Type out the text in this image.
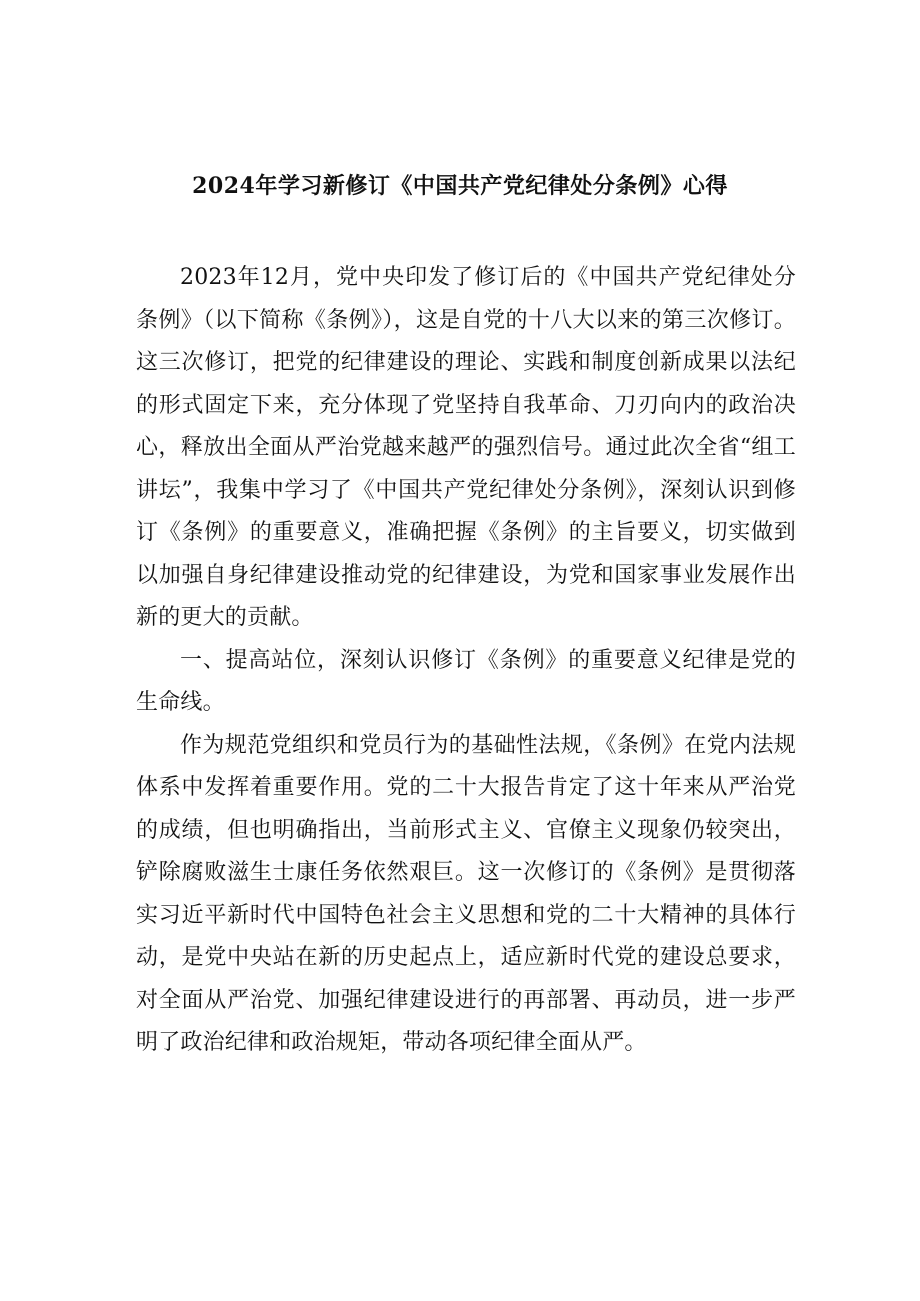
2024年学习新修订《中国共产党纪律处分条例》心得

2023年12月，党中央印发了修订后的《中国共产党纪律处分条例》（以下简称《条例》），这是自党的十八大以来的第三次修订。这三次修订，把党的纪律建设的理论、实践和制度创新成果以法纪的形式固定下来，充分体现了党坚持自我革命、刀刃向内的政治决心，释放出全面从严治党越来越严的强烈信号。通过此次全省“组工讲坛”，我集中学习了《中国共产党纪律处分条例》，深刻认识到修订《条例》的重要意义，准确把握《条例》的主旨要义，切实做到以加强自身纪律建设推动党的纪律建设，为党和国家事业发展作出新的更大的贡献。

一、提高站位，深刻认识修订《条例》的重要意义纪律是党的生命线。

作为规范党组织和党员行为的基础性法规，《条例》在党内法规体系中发挥着重要作用。党的二十大报告肯定了这十年来从严治党的成绩，但也明确指出，当前形式主义、官僚主义现象仍较突出，铲除腐败滋生士康任务依然艰巨。这一次修订的《条例》是贯彻落实习近平新时代中国特色社会主义思想和党的二十大精神的具体行动，是党中央站在新的历史起点上，适应新时代党的建设总要求，对全面从严治党、加强纪律建设进行的再部署、再动员，进一步严明了政治纪律和政治规矩，带动各项纪律全面从严。
